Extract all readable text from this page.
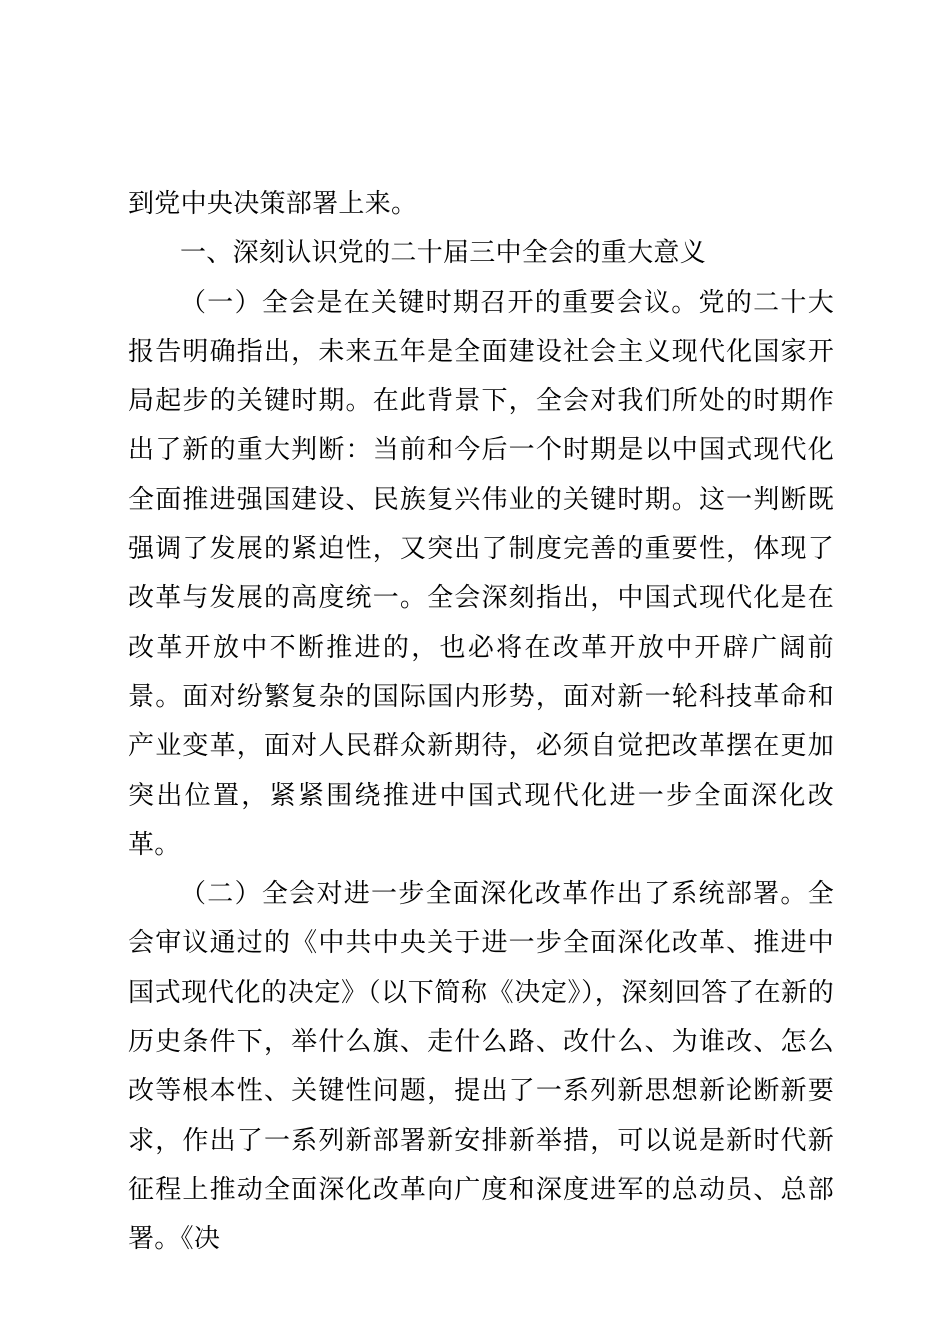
到党中央决策部署上来。

一、深刻认识党的二十届三中全会的重大意义

（一）全会是在关键时期召开的重要会议。党的二十大报告明确指出，未来五年是全面建设社会主义现代化国家开局起步的关键时期。在此背景下，全会对我们所处的时期作出了新的重大判断：当前和今后一个时期是以中国式现代化全面推进强国建设、民族复兴伟业的关键时期。这一判断既强调了发展的紧迫性，又突出了制度完善的重要性，体现了改革与发展的高度统一。全会深刻指出，中国式现代化是在改革开放中不断推进的，也必将在改革开放中开辟广阔前景。面对纷繁复杂的国际国内形势，面对新一轮科技革命和产业变革，面对人民群众新期待，必须自觉把改革摆在更加突出位置，紧紧围绕推进中国式现代化进一步全面深化改革。

（二）全会对进一步全面深化改革作出了系统部署。全会审议通过的《中共中央关于进一步全面深化改革、推进中国式现代化的决定》（以下简称《决定》），深刻回答了在新的历史条件下，举什么旗、走什么路、改什么、为谁改、怎么改等根本性、关键性问题，提出了一系列新思想新论断新要求，作出了一系列新部署新安排新举措，可以说是新时代新征程上推动全面深化改革向广度和深度进军的总动员、总部署。《决
